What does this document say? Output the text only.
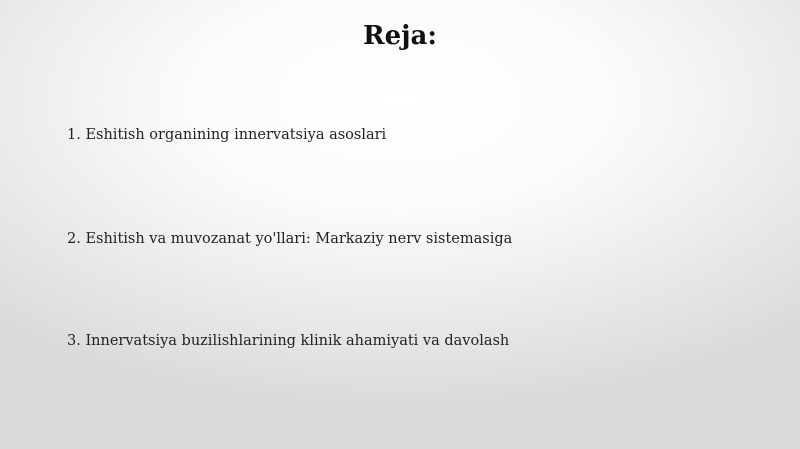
Reja:
1. Eshitish organining innervatsiya asoslari
2. Eshitish va muvozanat yo'llari: Markaziy nerv sistemasiga
3. Innervatsiya buzilishlarining klinik ahamiyati va davolash
